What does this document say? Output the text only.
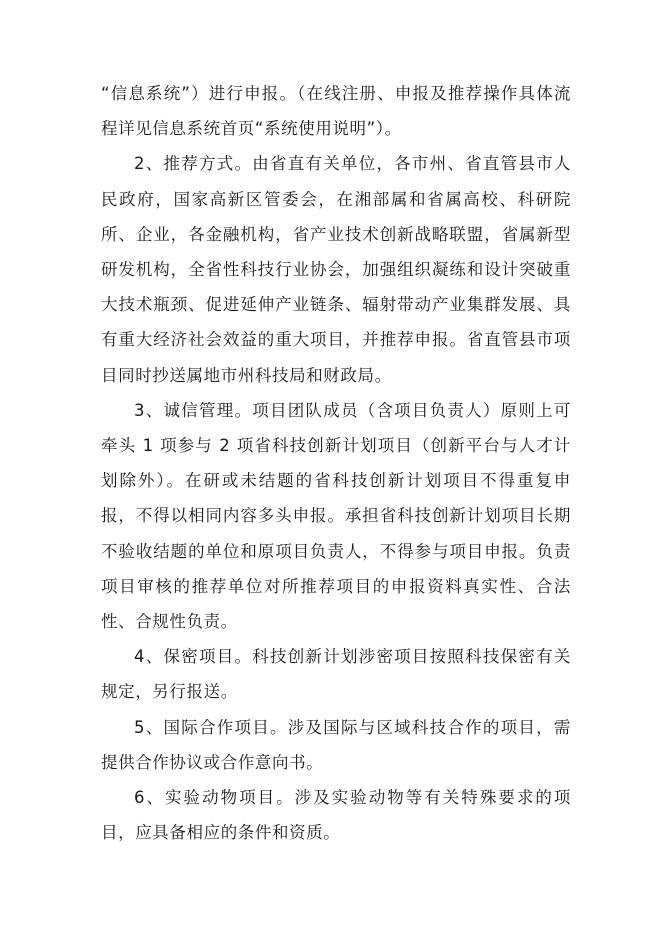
“信息系统”）进行申报。（在线注册、申报及推荐操作具体流程详见信息系统首页“系统使用说明”）。

2、推荐方式。由省直有关单位，各市州、省直管县市人民政府，国家高新区管委会，在湘部属和省属高校、科研院所、企业，各金融机构，省产业技术创新战略联盟，省属新型研发机构，全省性科技行业协会，加强组织凝练和设计突破重大技术瓶颈、促进延伸产业链条、辐射带动产业集群发展、具有重大经济社会效益的重大项目，并推荐申报。省直管县市项目同时抄送属地市州科技局和财政局。

3、诚信管理。项目团队成员（含项目负责人）原则上可牵头 1 项参与 2 项省科技创新计划项目（创新平台与人才计划除外）。在研或未结题的省科技创新计划项目不得重复申报，不得以相同内容多头申报。承担省科技创新计划项目长期不验收结题的单位和原项目负责人，不得参与项目申报。负责项目审核的推荐单位对所推荐项目的申报资料真实性、合法性、合规性负责。

4、保密项目。科技创新计划涉密项目按照科技保密有关规定，另行报送。

5、国际合作项目。涉及国际与区域科技合作的项目，需提供合作协议或合作意向书。

6、实验动物项目。涉及实验动物等有关特殊要求的项目，应具备相应的条件和资质。
